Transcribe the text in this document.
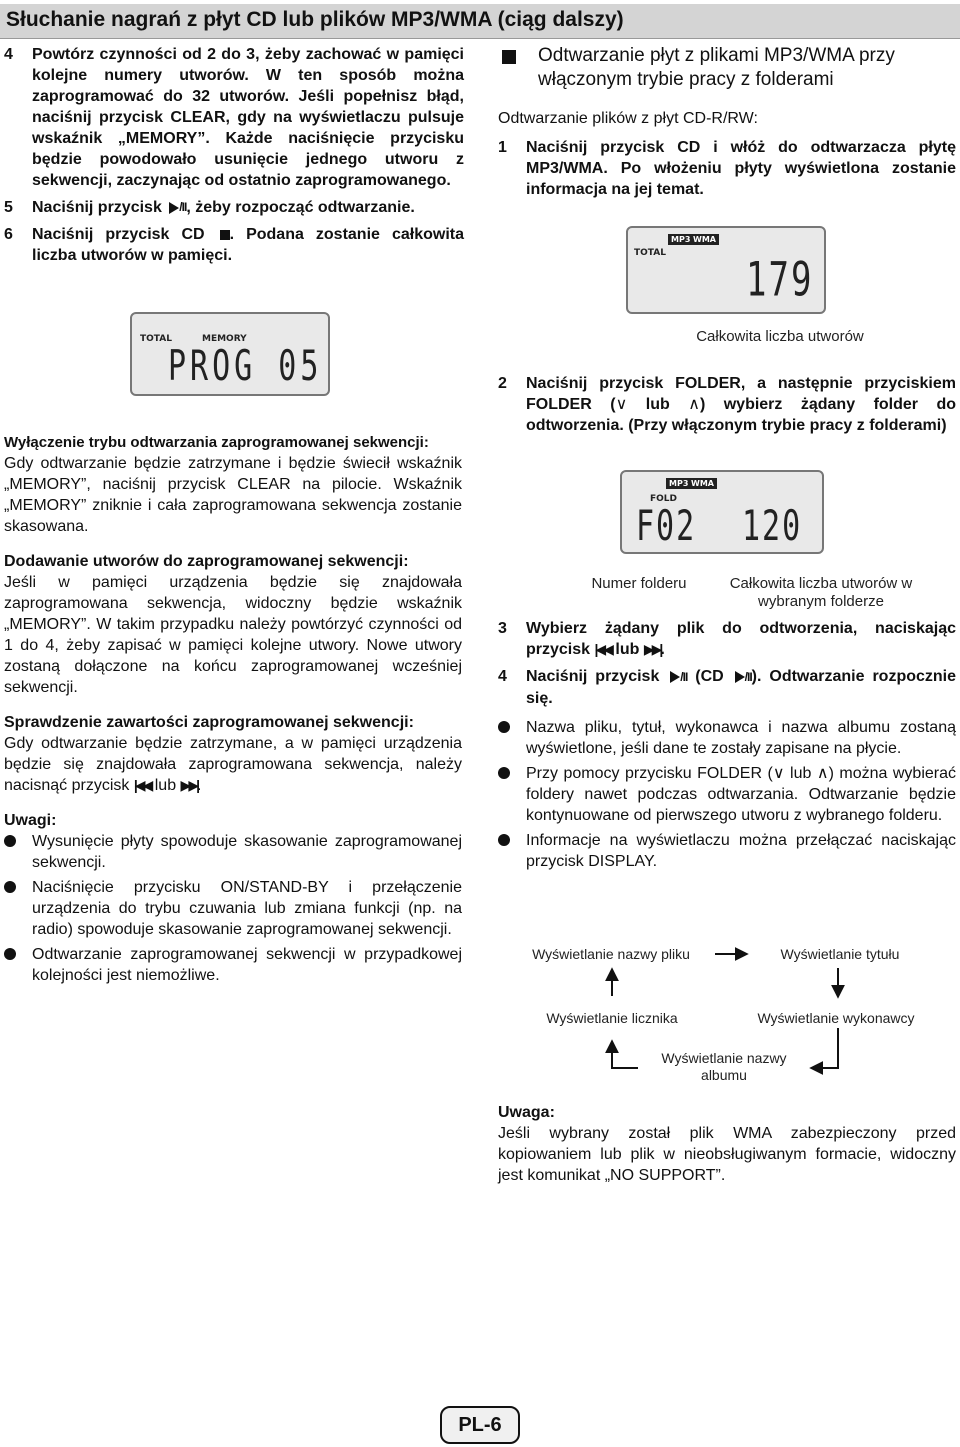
Słuchanie nagrań z płyt CD lub plików MP3/WMA (ciąg dalszy)
4 Powtórz czynności od 2 do 3, żeby zachować w pamięci kolejne numery utworów. W ten sposób można zaprogramować do 32 utworów. Jeśli popełnisz błąd, naciśnij przycisk CLEAR, gdy na wyświetlaczu pulsuje wskaźnik „MEMORY”. Każde naciśnięcie przycisku będzie powodowało usunięcie jednego utworu z sekwencji, zaczynając od ostatnio zaprogramowanego.
5 Naciśnij przycisk /II, żeby rozpocząć odtwarzanie.
6 Naciśnij przycisk CD . Podana zostanie całkowita liczba utworów w pamięci.
TOTAL	MEMORY
PROG 05
Wyłączenie trybu odtwarzania zaprogramowanej sekwencji:
Gdy odtwarzanie będzie zatrzymane i będzie świecił wskaźnik „MEMORY”, naciśnij przycisk CLEAR na pilocie. Wskaźnik „MEMORY” zniknie i cała zaprogramowana sekwencja zostanie skasowana.
Dodawanie utworów do zaprogramowanej sekwencji:
Jeśli w pamięci urządzenia będzie się znajdowała zaprogramowana sekwencja, widoczny będzie wskaźnik „MEMORY”. W takim przypadku należy powtórzyć czynności od 1 do 4, żeby zapisać w pamięci kolejne utwory. Nowe utwory zostaną dołączone na końcu zaprogramowanej wcześniej sekwencji.
Sprawdzenie zawartości zaprogramowanej sekwencji:
Gdy odtwarzanie będzie zatrzymane, a w pamięci urządzenia będzie się znajdowała zaprogramowana sekwencja, należy nacisnąć przycisk |◀◀ lub ▶▶|.
Uwagi:
Wysunięcie płyty spowoduje skasowanie zaprogramowanej sekwencji.
Naciśnięcie przycisku ON/STAND-BY i przełączenie urządzenia do trybu czuwania lub zmiana funkcji (np. na radio) spowoduje skasowanie zaprogramowanej sekwencji.
Odtwarzanie zaprogramowanej sekwencji w przypadkowej kolejności jest niemożliwe.
Odtwarzanie płyt z plikami MP3/WMA przy włączonym trybie pracy z folderami
Odtwarzanie plików z płyt CD-R/RW:
1 Naciśnij przycisk CD i włóż do odtwarzacza płytę MP3/WMA. Po włożeniu płyty wyświetlona zostanie informacja na jej temat.
TOTAL
MP3 WMA
179
Całkowita liczba utworów
2 Naciśnij przycisk FOLDER, a następnie przyciskiem FOLDER (∨ lub ∧) wybierz żądany folder do odtworzenia. (Przy włączonym trybie pracy z folderami)
MP3 WMA
FOLD
F02 120
Numer folderu	Całkowita liczba utworów w wybranym folderze
3 Wybierz żądany plik do odtworzenia, naciskając przycisk |◀◀ lub ▶▶|.
4 Naciśnij przycisk /II (CD /II). Odtwarzanie rozpocznie się.
Nazwa pliku, tytuł, wykonawca i nazwa albumu zostaną wyświetlone, jeśli dane te zostały zapisane na płycie.
Przy pomocy przycisku FOLDER (∨ lub ∧) można wybierać foldery nawet podczas odtwarzania. Odtwarzanie będzie kontynuowane od pierwszego utworu z wybranego folderu.
Informacje na wyświetlaczu można przełączać naciskając przycisk DISPLAY.
Wyświetlanie nazwy pliku	Wyświetlanie tytułu
Wyświetlanie licznika	Wyświetlanie wykonawcy
Wyświetlanie nazwy albumu
Uwaga:
Jeśli wybrany został plik WMA zabezpieczony przed kopiowaniem lub plik w nieobsługiwanym formacie, widoczny jest komunikat „NO SUPPORT”.
PL-6
